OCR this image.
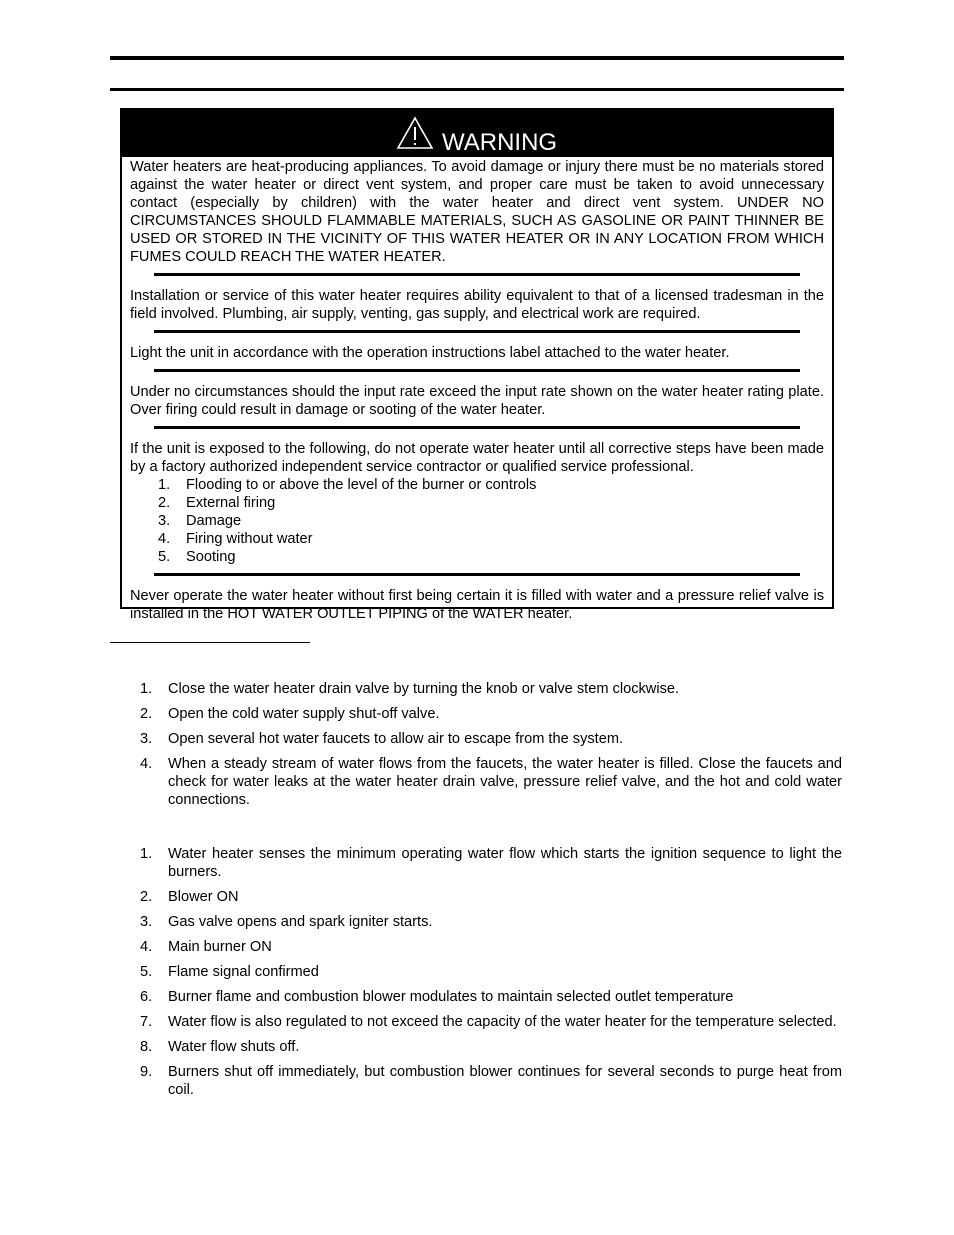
WARNING
Water heaters are heat-producing appliances. To avoid damage or injury there must be no materials stored against the water heater or direct vent system, and proper care must be taken to avoid unnecessary contact (especially by children) with the water heater and direct vent system. UNDER NO CIRCUMSTANCES SHOULD FLAMMABLE MATERIALS, SUCH AS GASOLINE OR PAINT THINNER BE USED OR STORED IN THE VICINITY OF THIS WATER HEATER OR IN ANY LOCATION FROM WHICH FUMES COULD REACH THE WATER HEATER.
Installation or service of this water heater requires ability equivalent to that of a licensed tradesman in the field involved. Plumbing, air supply, venting, gas supply, and electrical work are required.
Light the unit in accordance with the operation instructions label attached to the water heater.
Under no circumstances should the input rate exceed the input rate shown on the water heater rating plate. Over firing could result in damage or sooting of the water heater.
If the unit is exposed to the following, do not operate water heater until all corrective steps have been made by a factory authorized independent service contractor or qualified service professional.
1. Flooding to or above the level of the burner or controls
2. External firing
3. Damage
4. Firing without water
5. Sooting
Never operate the water heater without first being certain it is filled with water and a pressure relief valve is installed in the HOT WATER OUTLET PIPING of the WATER heater.
1. Close the water heater drain valve by turning the knob or valve stem clockwise.
2. Open the cold water supply shut-off valve.
3. Open several hot water faucets to allow air to escape from the system.
4. When a steady stream of water flows from the faucets, the water heater is filled. Close the faucets and check for water leaks at the water heater drain valve, pressure relief valve, and the hot and cold water connections.
1. Water heater senses the minimum operating water flow which starts the ignition sequence to light the burners.
2. Blower ON
3. Gas valve opens and spark igniter starts.
4. Main burner ON
5. Flame signal confirmed
6. Burner flame and combustion blower modulates to maintain selected outlet temperature
7. Water flow is also regulated to not exceed the capacity of the water heater for the temperature selected.
8. Water flow shuts off.
9. Burners shut off immediately, but combustion blower continues for several seconds to purge heat from coil.
